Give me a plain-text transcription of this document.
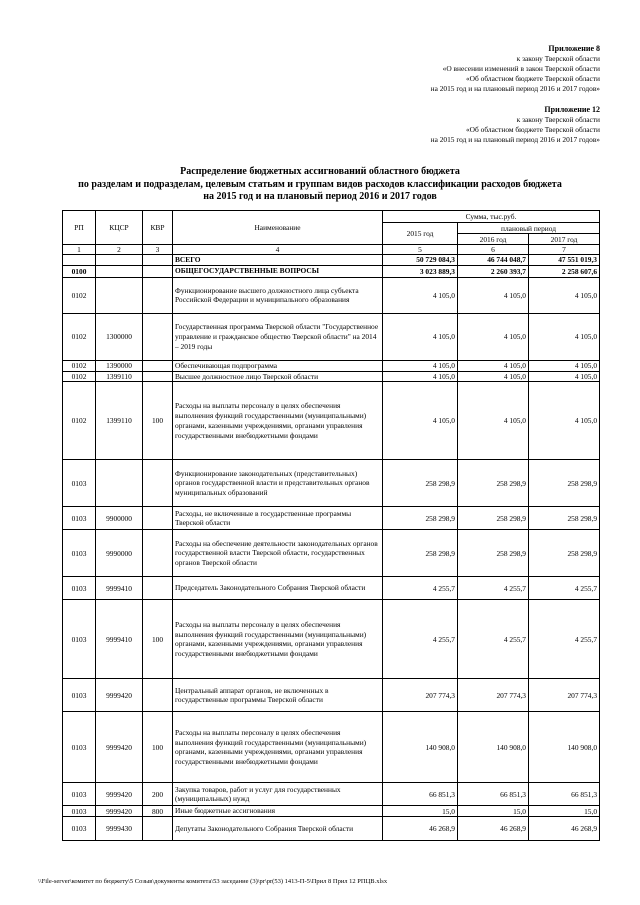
Приложение 8
к закону Тверской области
«О внесении изменений в закон Тверской области
«Об областном бюджете Тверской области
на 2015 год и на плановый период 2016 и 2017 годов»
Приложение 12
к закону Тверской области
«Об областном бюджете Тверской области
на 2015 год и на плановый период 2016 и 2017 годов»
Распределение бюджетных ассигнований областного бюджета
по разделам и подразделам, целевым статьям и группам видов расходов классификации расходов бюджета
на 2015 год и на плановый период 2016 и 2017 годов
РП	КЦСР	КВР	Наименование	Сумма, тыс.руб.		
				2015 год	плановый период	
					2016 год	2017 год
1	2	3	4	5	6	7
			ВСЕГО	50 729 084,3	46 744 048,7	47 551 019,3
0100			ОБЩЕГОСУДАРСТВЕННЫЕ ВОПРОСЫ	3 023 889,3	2 260 393,7	2 258 607,6
0102			Функционирование высшего должностного лица субъекта Российской Федерации и муниципального образования	4 105,0	4 105,0	4 105,0
0102	1300000		Государственная программа Тверской области "Государственное управление и гражданское общество Тверской области" на 2014 – 2019 годы	4 105,0	4 105,0	4 105,0
0102	1390000		Обеспечивающая подпрограмма	4 105,0	4 105,0	4 105,0
0102	1399110		Высшее должностное лицо Тверской области	4 105,0	4 105,0	4 105,0
0102	1399110	100	Расходы на выплаты персоналу в целях обеспечения выполнения функций государственными (муниципальными) органами, казенными учреждениями, органами управления государственными внебюджетными фондами	4 105,0	4 105,0	4 105,0
0103			Функционирование законодательных (представительных) органов государственной власти и представительных органов муниципальных образований	258 298,9	258 298,9	258 298,9
0103	9900000		Расходы, не включенные в государственные программы Тверской области	258 298,9	258 298,9	258 298,9
0103	9990000		Расходы на обеспечение деятельности законодательных органов государственной власти Тверской области, государственных органов Тверской области	258 298,9	258 298,9	258 298,9
0103	9999410		Председатель Законодательного Собрания Тверской области	4 255,7	4 255,7	4 255,7
0103	9999410	100	Расходы на выплаты персоналу в целях обеспечения выполнения функций государственными (муниципальными) органами, казенными учреждениями, органами управления государственными внебюджетными фондами	4 255,7	4 255,7	4 255,7
0103	9999420		Центральный аппарат органов, не включенных в государственные программы Тверской области	207 774,3	207 774,3	207 774,3
0103	9999420	100	Расходы на выплаты персоналу в целях обеспечения выполнения функций государственными (муниципальными) органами, казенными учреждениями, органами управления государственными внебюджетными фондами	140 908,0	140 908,0	140 908,0
0103	9999420	200	Закупка товаров, работ и услуг для государственных (муниципальных) нужд	66 851,3	66 851,3	66 851,3
0103	9999420	800	Иные бюджетные ассигнования	15,0	15,0	15,0
0103	9999430		Депутаты Законодательного Собрания Тверской области	46 268,9	46 268,9	46 268,9
\\File-server\комитет по бюджету\5 Созыв\документы комитета\53 заседание (3)\pr\pr(53) 1413-П-5\Прил 8 Прил 12 РПЦВ.xlsx
